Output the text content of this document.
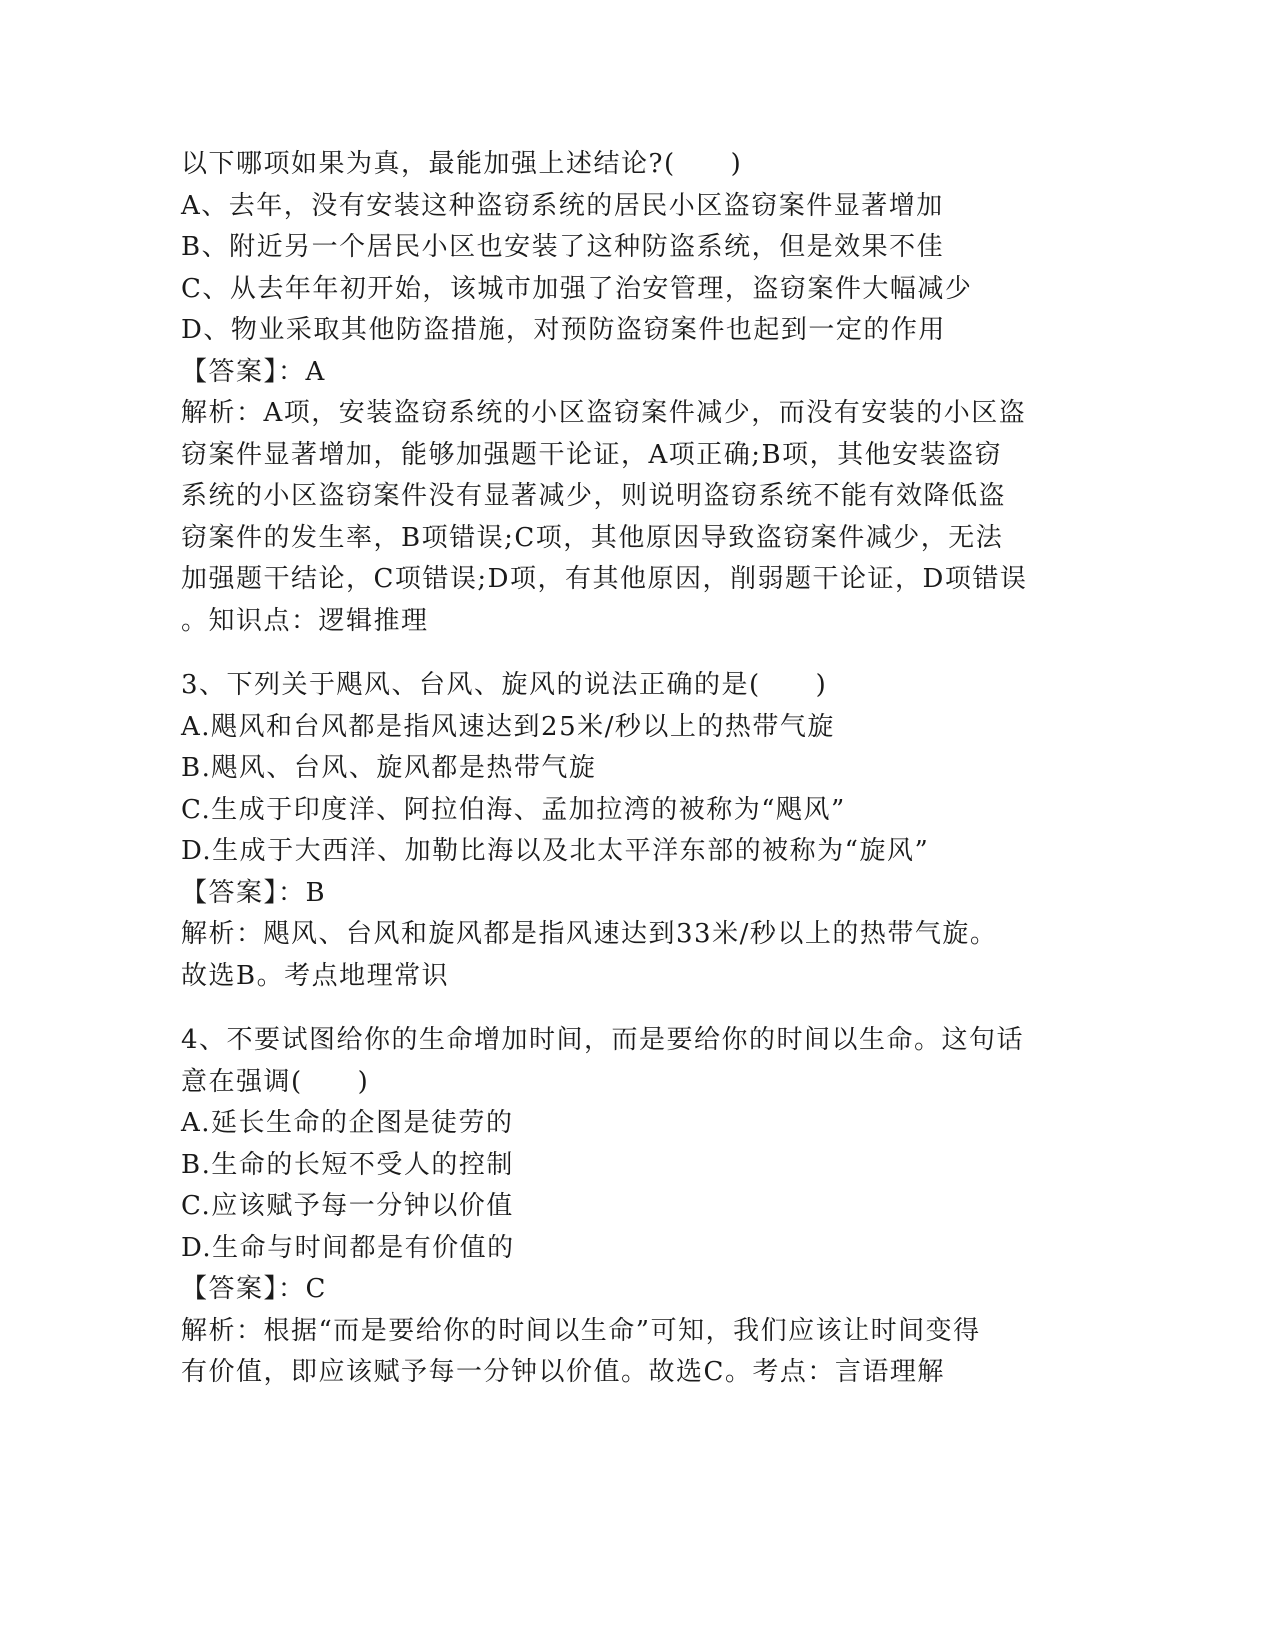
以下哪项如果为真，最能加强上述结论?(　　)
A、去年，没有安装这种盗窃系统的居民小区盗窃案件显著增加
B、附近另一个居民小区也安装了这种防盗系统，但是效果不佳
C、从去年年初开始，该城市加强了治安管理，盗窃案件大幅减少
D、物业采取其他防盗措施，对预防盗窃案件也起到一定的作用
【答案】：A
解析：A项，安装盗窃系统的小区盗窃案件减少，而没有安装的小区盗
窃案件显著增加，能够加强题干论证，A项正确;B项，其他安装盗窃
系统的小区盗窃案件没有显著减少，则说明盗窃系统不能有效降低盗
窃案件的发生率，B项错误;C项，其他原因导致盗窃案件减少，无法
加强题干结论，C项错误;D项，有其他原因，削弱题干论证，D项错误
。知识点：逻辑推理
3、下列关于飓风、台风、旋风的说法正确的是(　　)
A.飓风和台风都是指风速达到25米/秒以上的热带气旋
B.飓风、台风、旋风都是热带气旋
C.生成于印度洋、阿拉伯海、孟加拉湾的被称为“飓风”
D.生成于大西洋、加勒比海以及北太平洋东部的被称为“旋风”
【答案】：B
解析：飓风、台风和旋风都是指风速达到33米/秒以上的热带气旋。
故选B。考点地理常识
4、不要试图给你的生命增加时间，而是要给你的时间以生命。这句话
意在强调(　　)
A.延长生命的企图是徒劳的
B.生命的长短不受人的控制
C.应该赋予每一分钟以价值
D.生命与时间都是有价值的
【答案】：C
解析：根据“而是要给你的时间以生命”可知，我们应该让时间变得
有价值，即应该赋予每一分钟以价值。故选C。考点：言语理解
